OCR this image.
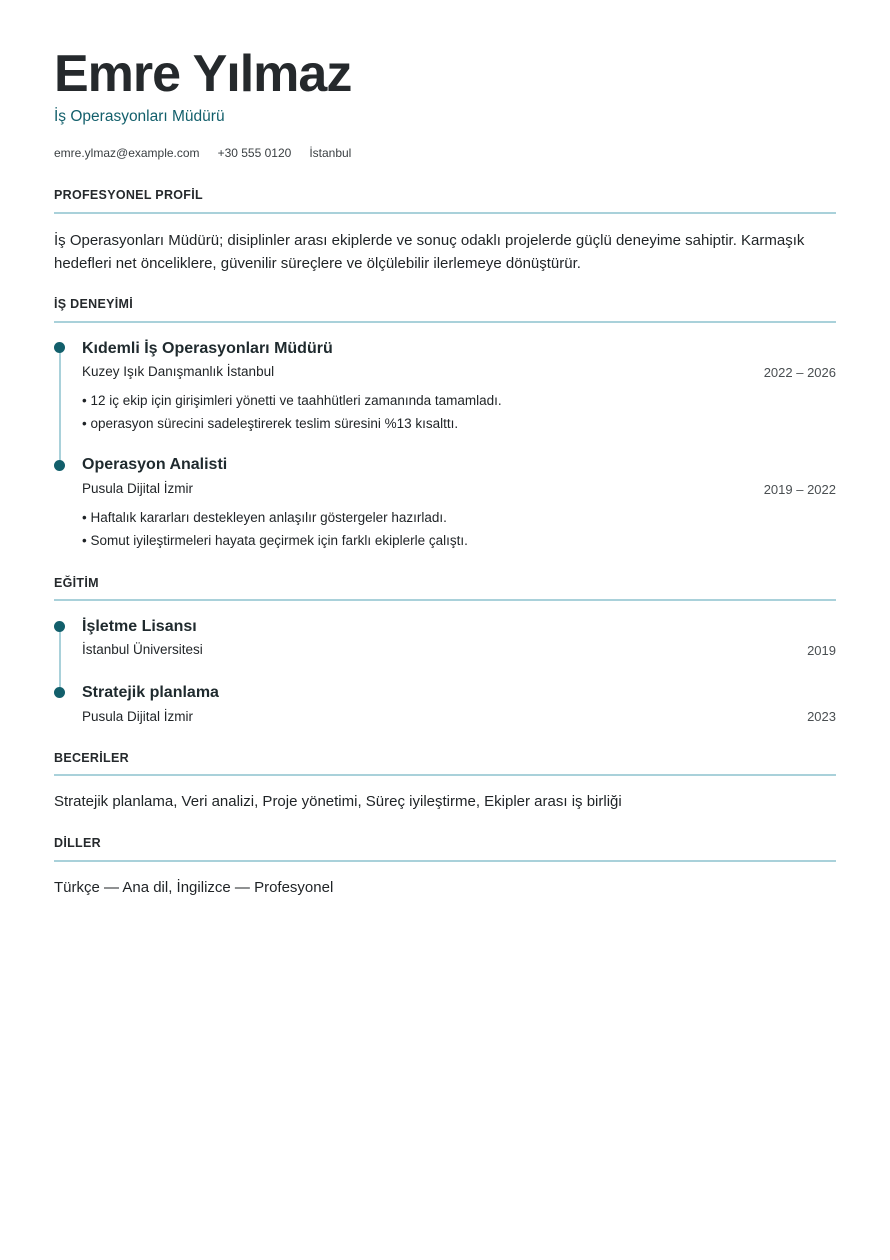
Emre Yılmaz
İş Operasyonları Müdürü
emre.ylmaz@example.com +30 555 0120 İstanbul
PROFESYONEL PROFİL
İş Operasyonları Müdürü; disiplinler arası ekiplerde ve sonuç odaklı projelerde güçlü deneyime sahiptir. Karmaşık
hedefleri net önceliklere, güvenilir süreçlere ve ölçülebilir ilerlemeye dönüştürür.
İŞ DENEYİMİ
Kıdemli İş Operasyonları Müdürü
Kuzey Işık Danışmanlık İstanbul	2022 – 2026
• 12 iç ekip için girişimleri yönetti ve taahhütleri zamanında tamamladı.
• operasyon sürecini sadeleştirerek teslim süresini %13 kısalttı.
Operasyon Analisti
Pusula Dijital İzmir	2019 – 2022
• Haftalık kararları destekleyen anlaşılır göstergeler hazırladı.
• Somut iyileştirmeleri hayata geçirmek için farklı ekiplerle çalıştı.
EĞİTİM
İşletme Lisansı
İstanbul Üniversitesi	2019
Stratejik planlama
Pusula Dijital İzmir	2023
BECERİLER
Stratejik planlama, Veri analizi, Proje yönetimi, Süreç iyileştirme, Ekipler arası iş birliği
DİLLER
Türkçe — Ana dil, İngilizce — Profesyonel
